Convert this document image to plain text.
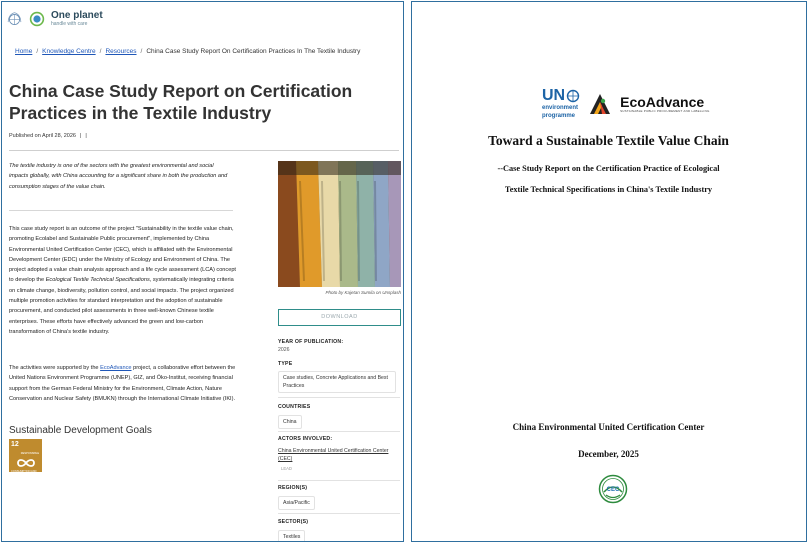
One planet
handle with care
Home / Knowledge Centre / Resources / China Case Study Report On Certification Practices In The Textile Industry
China Case Study Report on Certification Practices in the Textile Industry
Published on April 28, 2026 | |

The textile industry is one of the sectors with the greatest environmental and social impacts globally, with China accounting for a significant share in both the production and consumption stages of the value chain.

This case study report is an outcome of the project "Sustainability in the textile value chain, promoting Ecolabel and Sustainable Public procurement", implemented by China Environmental United Certification Center (CEC), which is affiliated with the Environmental Development Center (EDC) under the Ministry of Ecology and Environment of China. The project adopted a value chain analysis approach and a life cycle assessment (LCA) concept to develop the Ecological Textile Technical Specifications, systematically integrating criteria on climate change, biodiversity, pollution control, and social impacts. The project organized multiple promotion activities for standard interpretation and the adoption of sustainable procurement, and conducted pilot assessments in three well-known Chinese textile enterprises. These efforts have effectively advanced the green and low-carbon transformation of China's textile industry.

The activities were supported by the EcoAdvance project, a collaborative effort between the United Nations Environment Programme (UNEP), GIZ, and Öko-Institut, receiving financial support from the German Federal Ministry for the Environment, Climate Action, Nature Conservation and Nuclear Safety (BMUKN) through the International Climate Initiative (IKI).

Sustainable Development Goals
12
RESPONSIBLE CONSUMPTION AND PRODUCTION
Photo by Kajetan Sumila on Unsplash
DOWNLOAD
YEAR OF PUBLICATION:
2026
TYPE
Case studies, Concrete Applications and Best Practices
COUNTRIES
China
ACTORS INVOLVED:
China Environmental United Certification Center (CEC)
LEAD
REGION(S)
Asia/Pacific
SECTOR(S)
Textiles
UN
environment
programme
EcoAdvance
SUSTAINABLE PUBLIC PROCUREMENT AND LABELLING
Toward a Sustainable Textile Value Chain
--Case Study Report on the Certification Practice of Ecological
Textile Technical Specifications in China's Textile Industry
China Environmental United Certification Center
December, 2025
CEC
